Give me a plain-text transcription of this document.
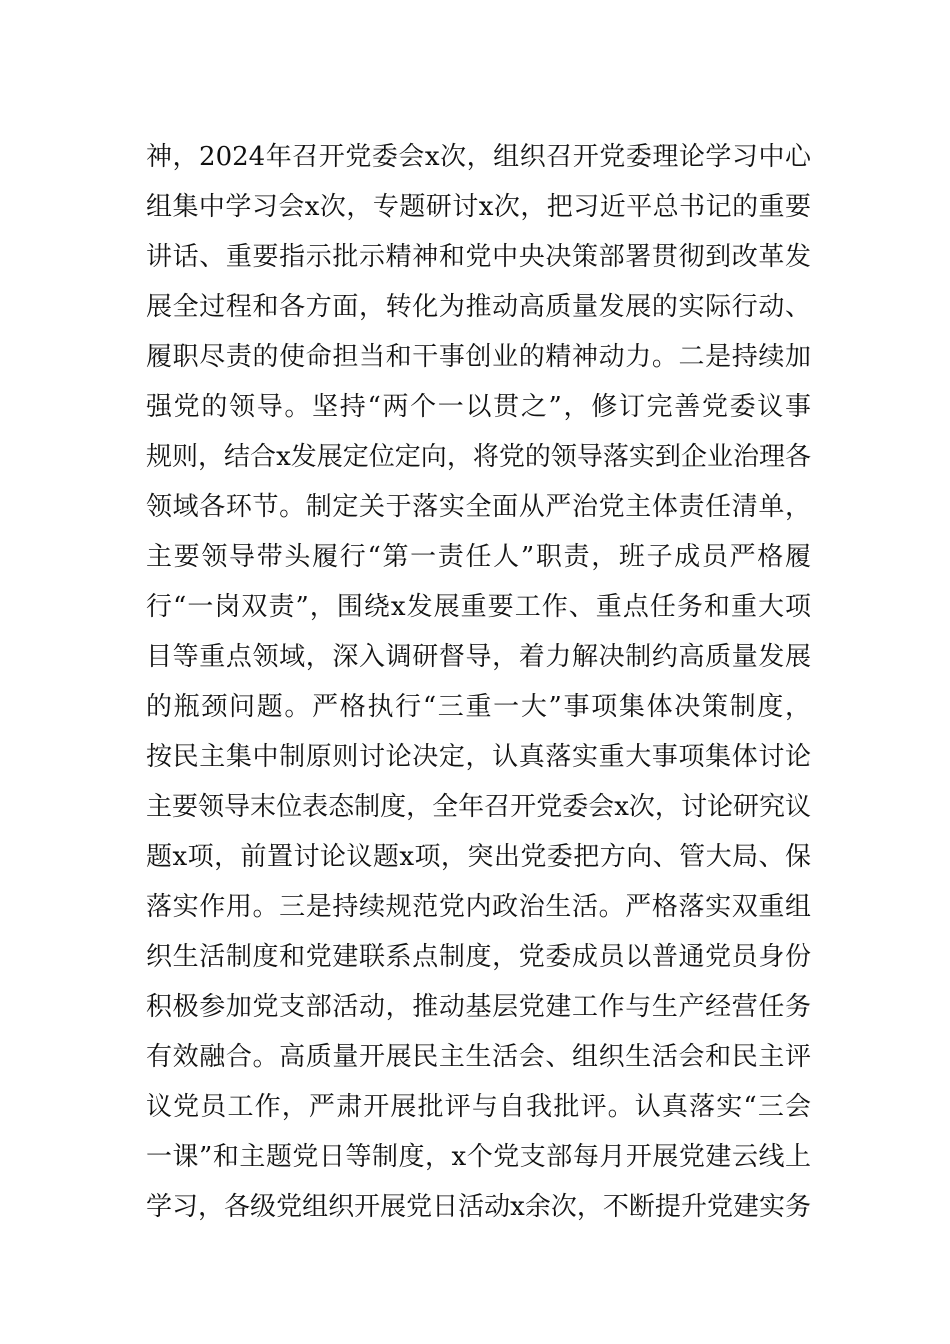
神，2024年召开党委会x次，组织召开党委理论学习中心
组集中学习会x次，专题研讨x次，把习近平总书记的重要
讲话、重要指示批示精神和党中央决策部署贯彻到改革发
展全过程和各方面，转化为推动高质量发展的实际行动、
履职尽责的使命担当和干事创业的精神动力。二是持续加
强党的领导。坚持“两个一以贯之”，修订完善党委议事
规则，结合x发展定位定向，将党的领导落实到企业治理各
领域各环节。制定关于落实全面从严治党主体责任清单，
主要领导带头履行“第一责任人”职责，班子成员严格履
行“一岗双责”，围绕x发展重要工作、重点任务和重大项
目等重点领域，深入调研督导，着力解决制约高质量发展
的瓶颈问题。严格执行“三重一大”事项集体决策制度，
按民主集中制原则讨论决定，认真落实重大事项集体讨论
主要领导末位表态制度，全年召开党委会x次，讨论研究议
题x项，前置讨论议题x项，突出党委把方向、管大局、保
落实作用。三是持续规范党内政治生活。严格落实双重组
织生活制度和党建联系点制度，党委成员以普通党员身份
积极参加党支部活动，推动基层党建工作与生产经营任务
有效融合。高质量开展民主生活会、组织生活会和民主评
议党员工作，严肃开展批评与自我批评。认真落实“三会
一课”和主题党日等制度，x个党支部每月开展党建云线上
学习，各级党组织开展党日活动x余次，不断提升党建实务
